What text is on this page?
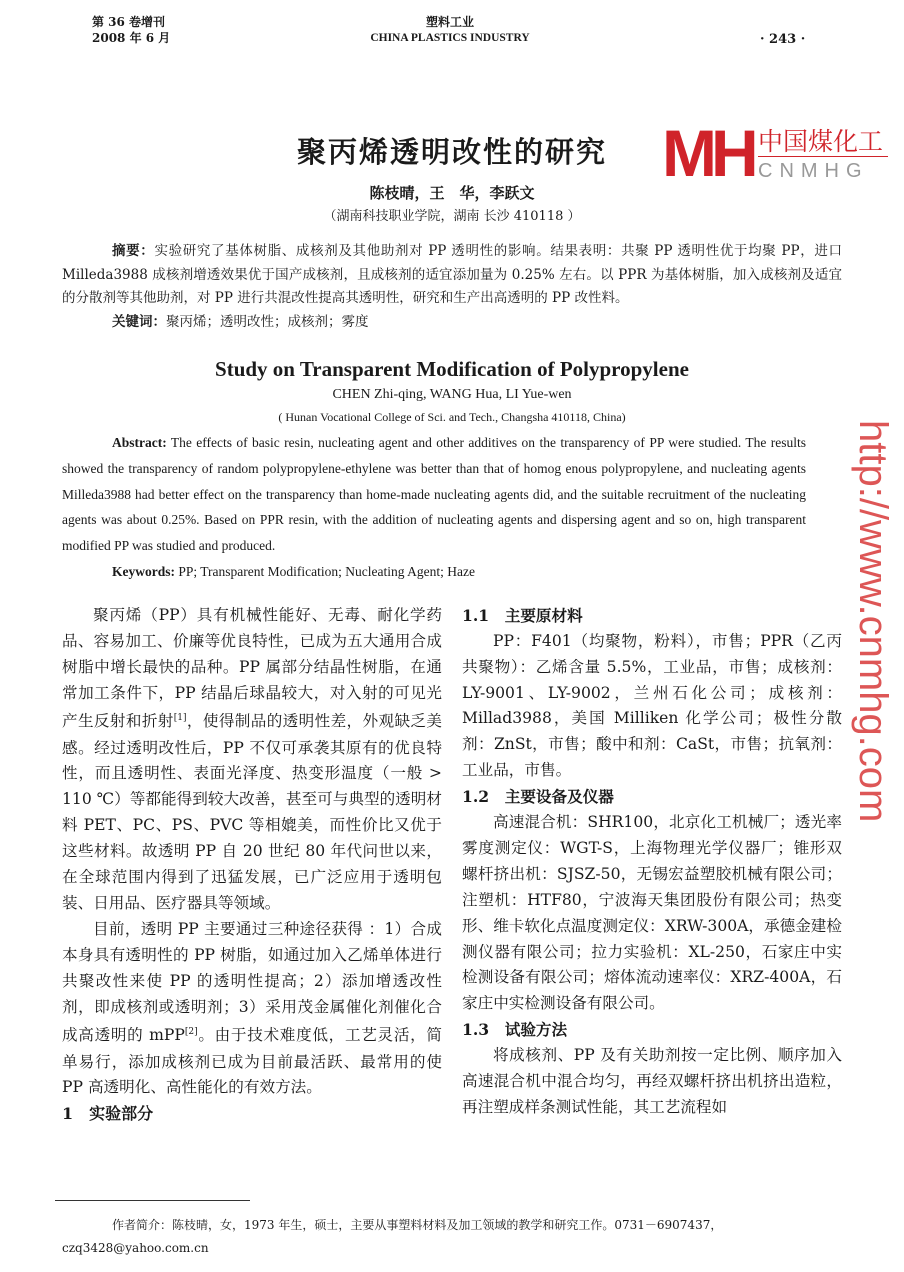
第 36 卷增刊
2008 年 6 月
塑料工业
CHINA PLASTICS INDUSTRY	· 243 ·
聚丙烯透明改性的研究
陈枝晴，王　华，李跃文
（湖南科技职业学院，湖南 长沙 410118 ）
摘要：实验研究了基体树脂、成核剂及其他助剂对 PP 透明性的影响。结果表明：共聚 PP 透明性优于均聚 PP，进口 Milleda3988 成核剂增透效果优于国产成核剂，且成核剂的适宜添加量为 0.25% 左右。以 PPR 为基体树脂，加入成核剂及适宜的分散剂等其他助剂，对 PP 进行共混改性提高其透明性，研究和生产出高透明的 PP 改性料。
关键词：聚丙烯；透明改性；成核剂；雾度
Study on Transparent Modification of Polypropylene
CHEN Zhi-qing, WANG Hua, LI Yue-wen
( Hunan Vocational College of Sci. and Tech., Changsha 410118, China)
Abstract: The effects of basic resin, nucleating agent and other additives on the transparency of PP were studied. The results showed the transparency of random polypropylene-ethylene was better than that of homog enous polypropylene, and nucleating agents Milleda3988 had better effect on the transparency than home-made nucleating agents did, and the suitable recruitment of the nucleating agents was about 0.25%. Based on PPR resin, with the addition of nucleating agents and dispersing agent and so on, high transparent modified PP was studied and produced.
Keywords: PP; Transparent Modification; Nucleating Agent; Haze

聚丙烯（PP）具有机械性能好、无毒、耐化学药品、容易加工、价廉等优良特性，已成为五大通用合成树脂中增长最快的品种。PP 属部分结晶性树脂，在通常加工条件下，PP 结晶后球晶较大，对入射的可见光产生反射和折射[1]，使得制品的透明性差，外观缺乏美感。经过透明改性后，PP 不仅可承袭其原有的优良特性，而且透明性、表面光泽度、热变形温度（一般 > 110 ℃）等都能得到较大改善，甚至可与典型的透明材料 PET、PC、PS、PVC 等相媲美，而性价比又优于这些材料。故透明 PP 自 20 世纪 80 年代问世以来，在全球范围内得到了迅猛发展，已广泛应用于透明包装、日用品、医疗器具等领域。

目前，透明 PP 主要通过三种途径获得 ：1）合成本身具有透明性的 PP 树脂，如通过加入乙烯单体进行共聚改性来使 PP 的透明性提高；2）添加增透改性剂，即成核剂或透明剂；3）采用茂金属催化剂催化合成高透明的 mPP[2]。由于技术难度低，工艺灵活，简单易行，添加成核剂已成为目前最活跃、最常用的使 PP 高透明化、高性能化的有效方法。

1　实验部分
1.1　主要原材料

PP：F401（均聚物，粉料），市售；PPR（乙丙共聚物）：乙烯含量 5.5%，工业品，市售；成核剂：LY-9001、LY-9002，兰州石化公司；成核剂：Millad3988，美国 Milliken 化学公司；极性分散剂：ZnSt，市售；酸中和剂：CaSt，市售；抗氧剂：工业品，市售。

1.2　主要设备及仪器

高速混合机：SHR100，北京化工机械厂；透光率雾度测定仪：WGT-S，上海物理光学仪器厂；锥形双螺杆挤出机：SJSZ-50，无锡宏益塑胶机械有限公司；注塑机：HTF80，宁波海天集团股份有限公司；热变形、维卡软化点温度测定仪：XRW-300A，承德金建检测仪器有限公司；拉力实验机：XL-250，石家庄中实检测设备有限公司；熔体流动速率仪：XRZ-400A，石家庄中实检测设备有限公司。

1.3　试验方法

将成核剂、PP 及有关助剂按一定比例、顺序加入高速混合机中混合均匀，再经双螺杆挤出机挤出造粒，再注塑成样条测试性能，其工艺流程如

作者简介：陈枝晴，女，1973 年生，硕士，主要从事塑料材料及加工领域的教学和研究工作。0731－6907437，czq3428@yahoo.com.cn
http://www.cnmhg.com
MH 中国煤化工
CNMHG
